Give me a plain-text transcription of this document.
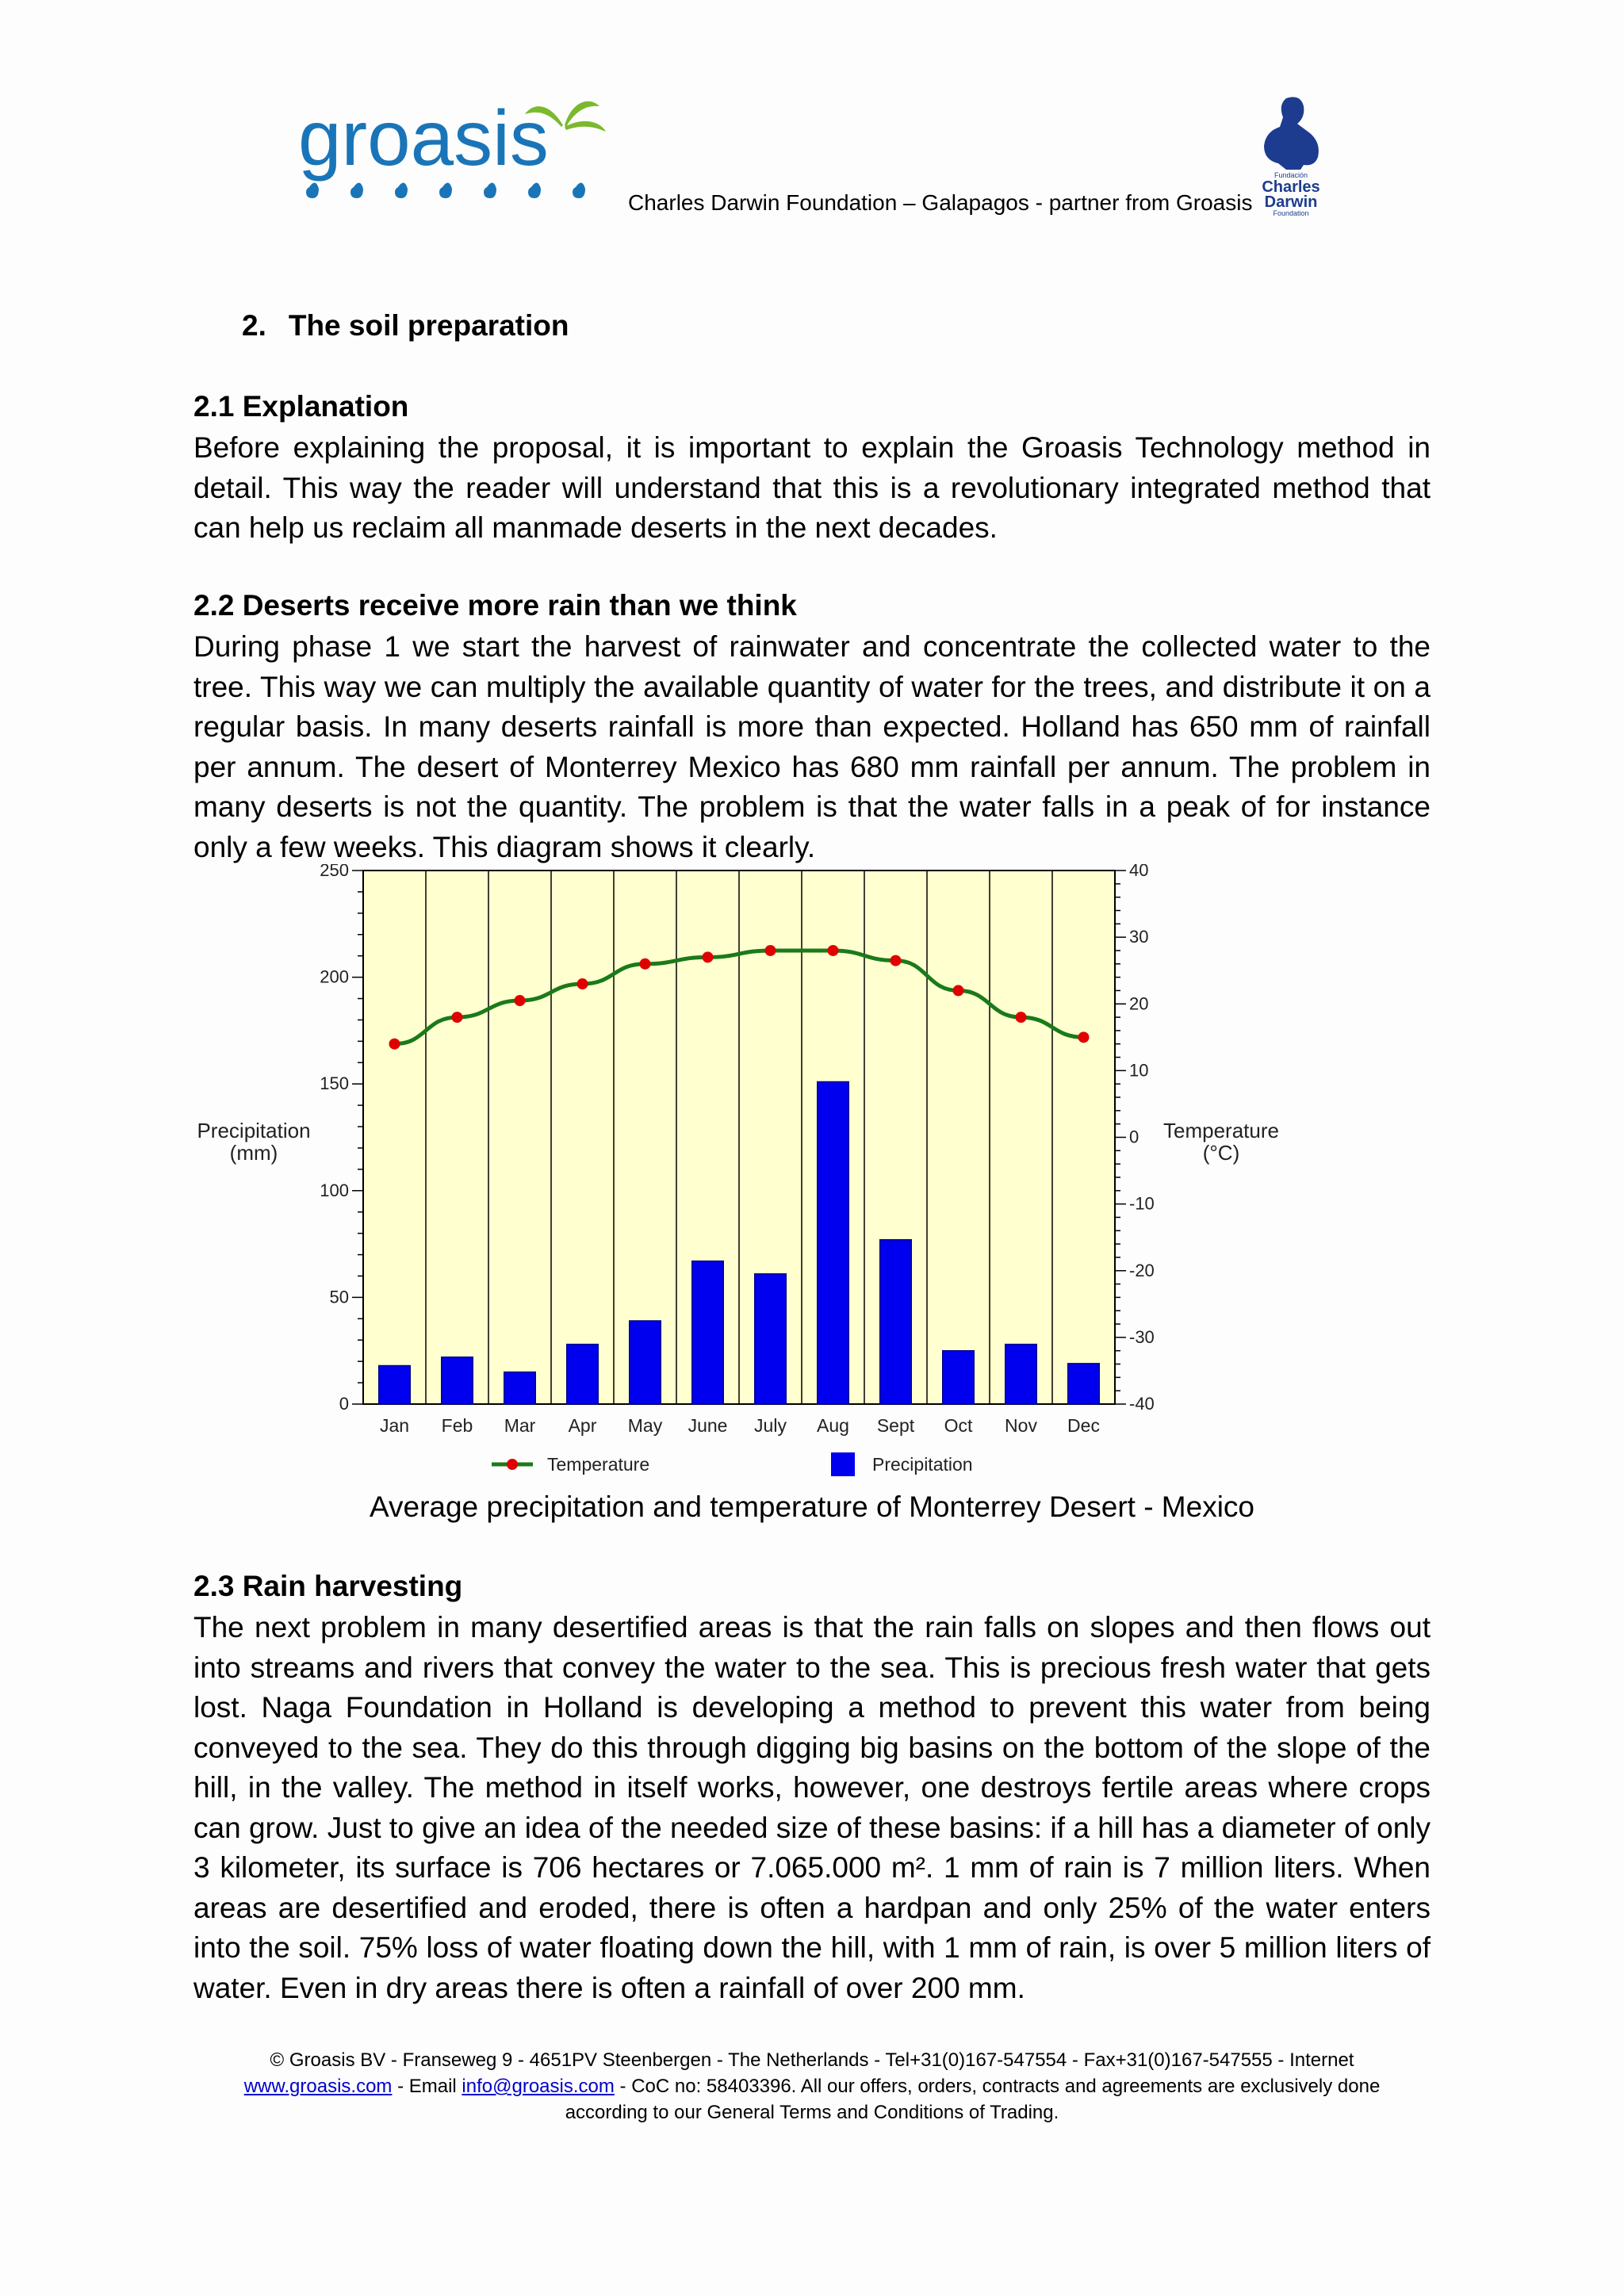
groasis
Charles Darwin Foundation – Galapagos - partner from Groasis
Fundación
Charles
Darwin
Foundation
2. The soil preparation
2.1 Explanation
Before explaining the proposal, it is important to explain the Groasis Technology method in detail. This way the reader will understand that this is a revolutionary integrated method that can help us reclaim all manmade deserts in the next decades.
2.2 Deserts receive more rain than we think
During phase 1 we start the harvest of rainwater and concentrate the collected water to the tree. This way we can multiply the available quantity of water for the trees, and distribute it on a regular basis. In many deserts rainfall is more than expected. Holland has 650 mm of rainfall per annum. The desert of Monterrey Mexico has 680 mm rainfall per annum. The problem in many deserts is not the quantity. The problem is that the water falls in a peak of for instance only a few weeks. This diagram shows it clearly.
0
50
100
150
200
250
-40
-30
-20
-10
0
10
20
30
40
Jan Feb Mar Apr May June July Aug Sept Oct Nov Dec
Precipitation
(mm)
Temperature
(°C)
Temperature	Precipitation
Average precipitation and temperature of Monterrey Desert - Mexico
2.3 Rain harvesting
The next problem in many desertified areas is that the rain falls on slopes and then flows out into streams and rivers that convey the water to the sea. This is precious fresh water that gets lost. Naga Foundation in Holland is developing a method to prevent this water from being conveyed to the sea. They do this through digging big basins on the bottom of the slope of the hill, in the valley. The method in itself works, however, one destroys fertile areas where crops can grow. Just to give an idea of the needed size of these basins: if a hill has a diameter of only 3 kilometer, its surface is 706 hectares or 7.065.000 m². 1 mm of rain is 7 million liters. When areas are desertified and eroded, there is often a hardpan and only 25% of the water enters into the soil. 75% loss of water floating down the hill, with 1 mm of rain, is over 5 million liters of water. Even in dry areas there is often a rainfall of over 200 mm.
© Groasis BV - Franseweg 9 - 4651PV Steenbergen - The Netherlands - Tel+31(0)167-547554 - Fax+31(0)167-547555 - Internet
www.groasis.com - Email info@groasis.com - CoC no: 58403396. All our offers, orders, contracts and agreements are exclusively done
according to our General Terms and Conditions of Trading.
